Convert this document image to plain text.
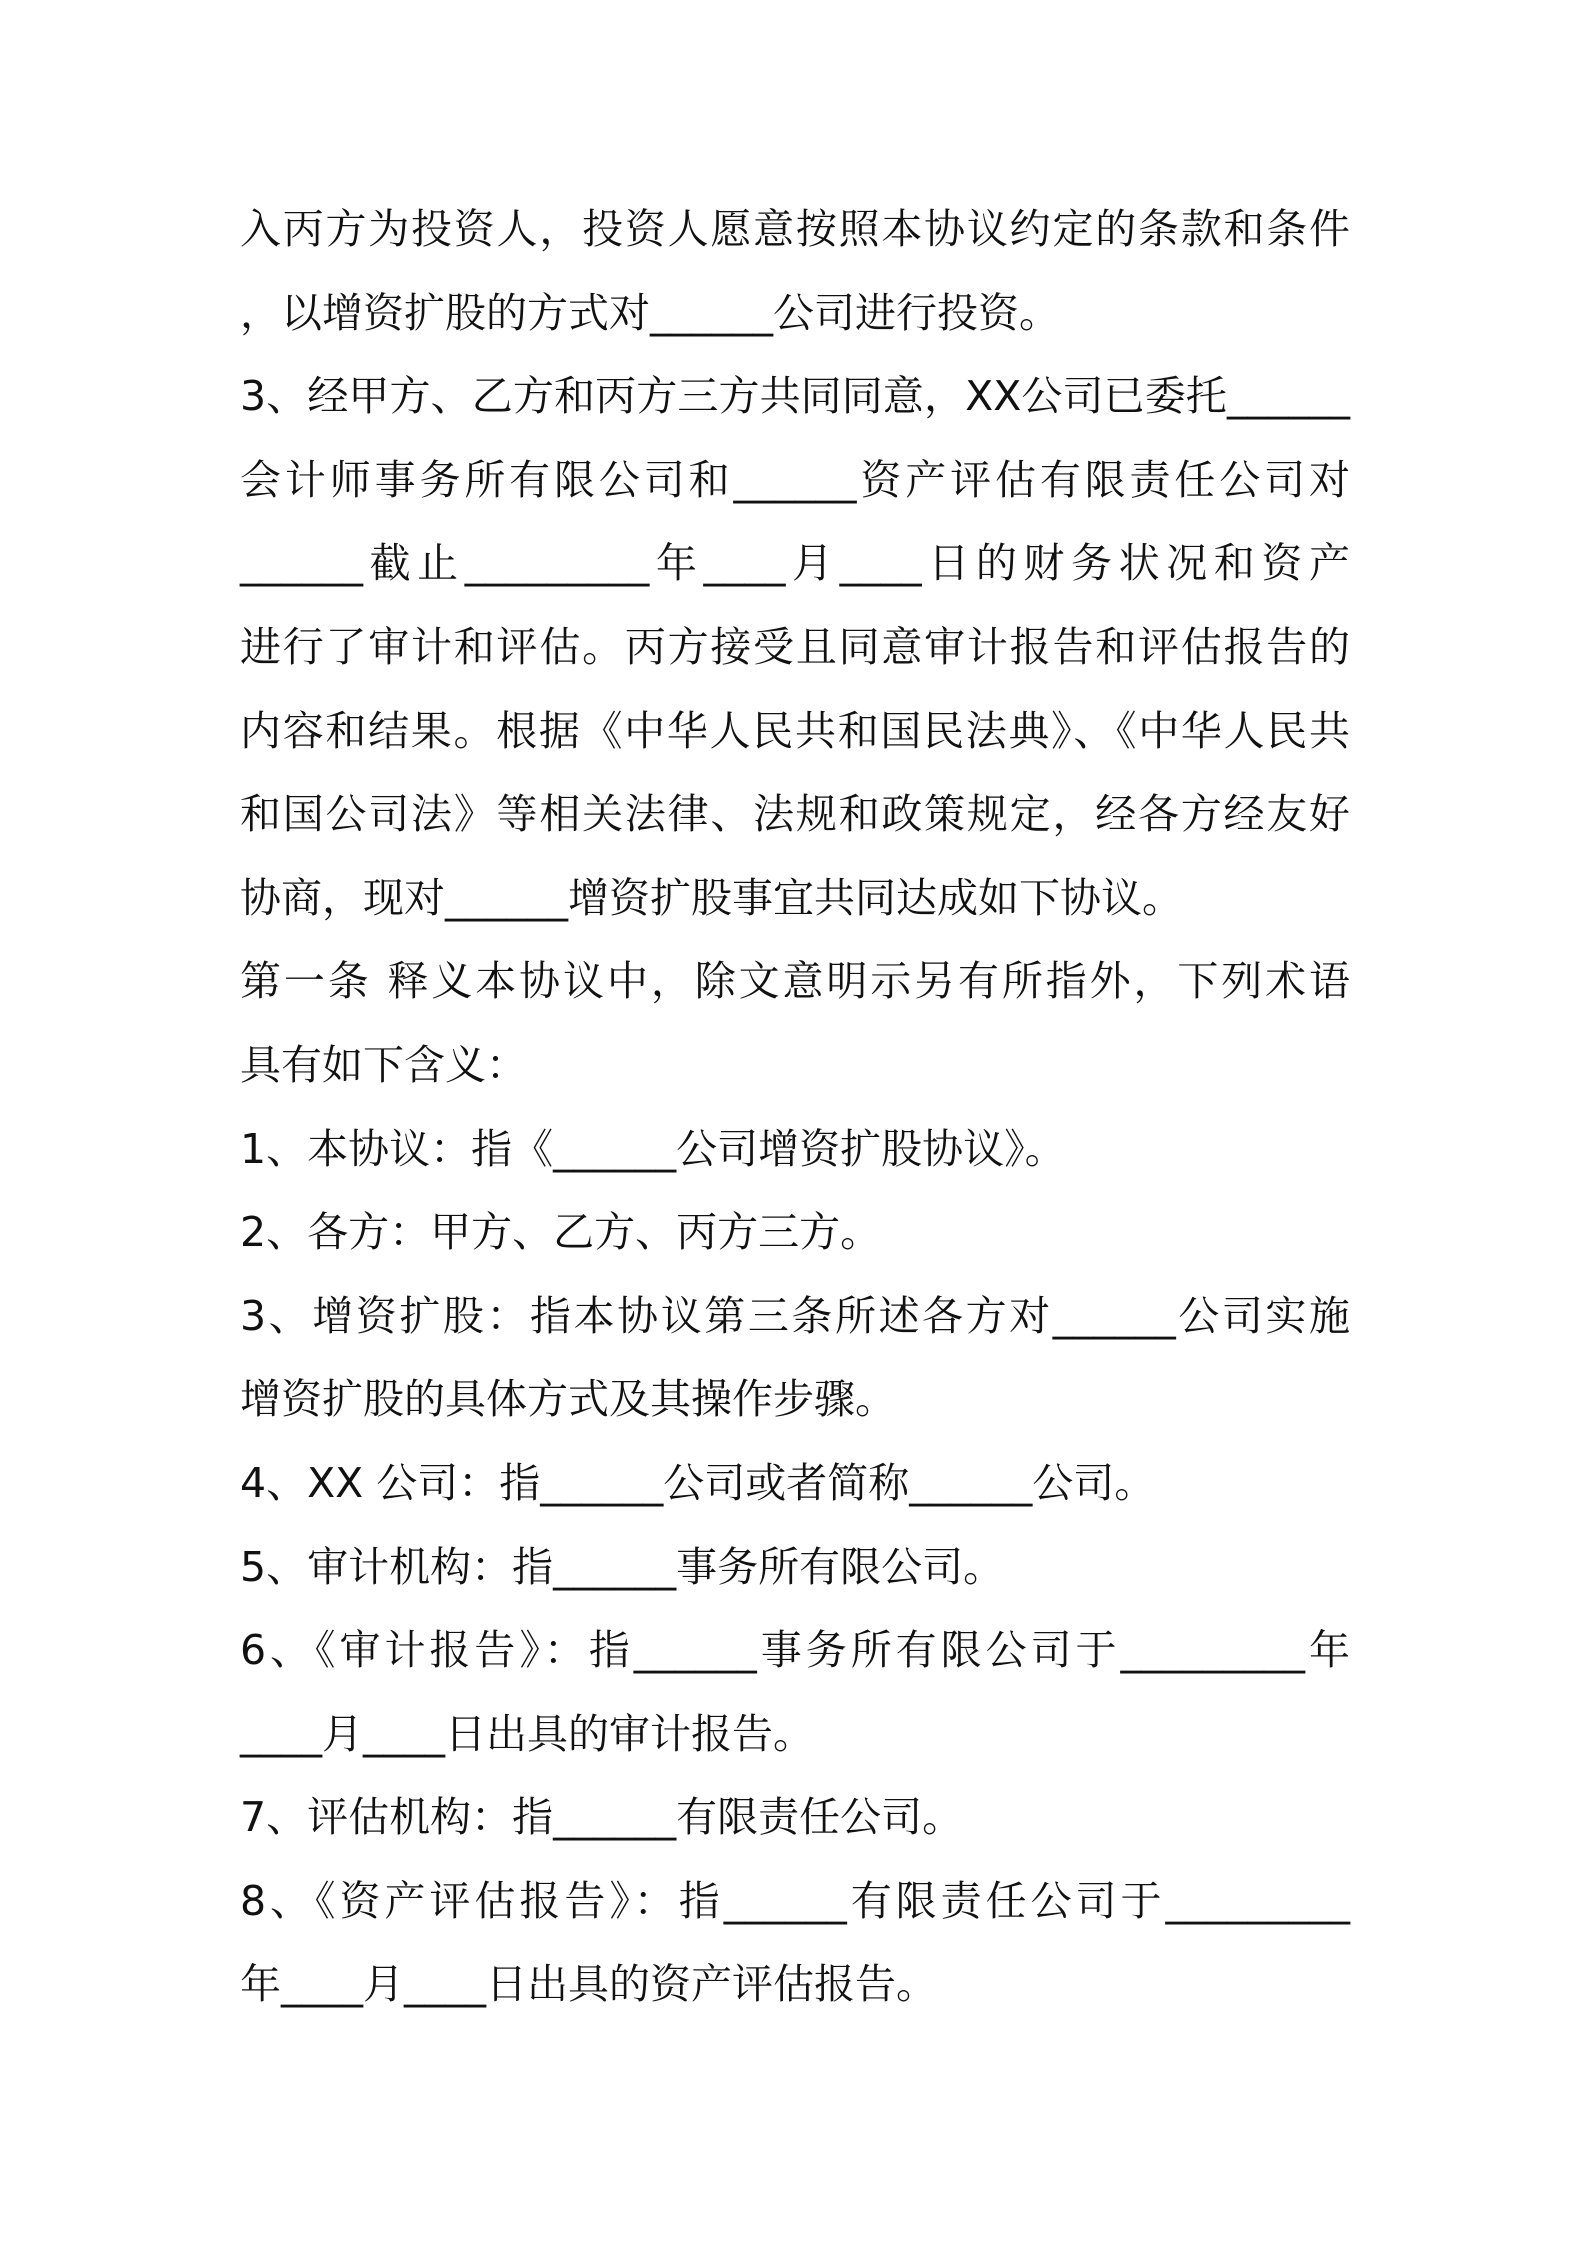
入丙方为投资人，投资人愿意按照本协议约定的条款和条件
，以增资扩股的方式对______公司进行投资。
3、经甲方、乙方和丙方三方共同同意，XX公司已委托______
会计师事务所有限公司和______资产评估有限责任公司对
______截止_________年____月____日的财务状况和资产
进行了审计和评估。丙方接受且同意审计报告和评估报告的
内容和结果。根据《中华人民共和国民法典》、《中华人民共
和国公司法》等相关法律、法规和政策规定，经各方经友好
协商，现对______增资扩股事宜共同达成如下协议。
第一条 释义本协议中，除文意明示另有所指外，下列术语
具有如下含义：
1、本协议：指《______公司增资扩股协议》。
2、各方：甲方、乙方、丙方三方。
3、增资扩股：指本协议第三条所述各方对______公司实施
增资扩股的具体方式及其操作步骤。
4、XX 公司：指______公司或者简称______公司。
5、审计机构：指______事务所有限公司。
6、《审计报告》：指______事务所有限公司于_________年
____月____日出具的审计报告。
7、评估机构：指______有限责任公司。
8、《资产评估报告》：指______有限责任公司于_________
年____月____日出具的资产评估报告。
